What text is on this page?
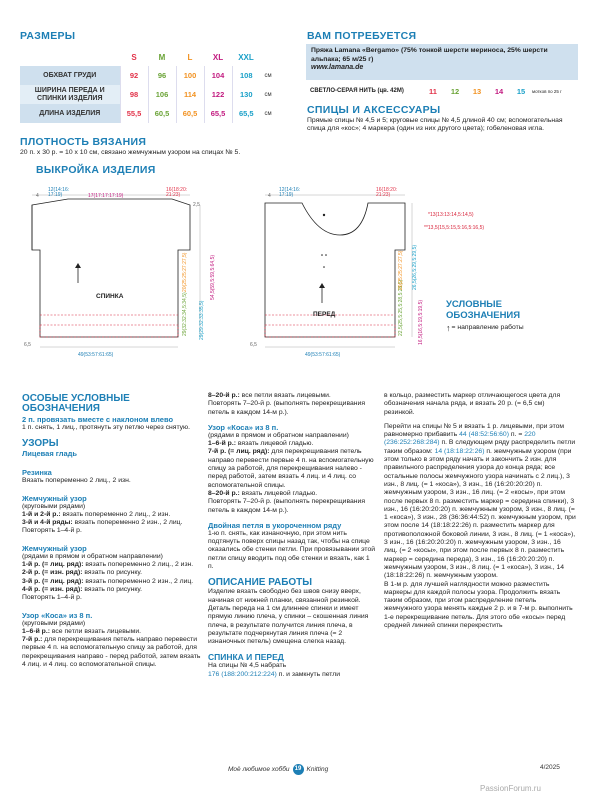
РАЗМЕРЫ
	S	M	L	XL	XXL	
ОБХВАТ ГРУДИ	92	96	100	104	108	см
ШИРИНА ПЕРЕДА И СПИНКИ ИЗДЕЛИЯ	98	106	114	122	130	см
ДЛИНА ИЗДЕЛИЯ	55,5	60,5	60,5	65,5	65,5	см
ВАМ ПОТРЕБУЕТСЯ
Пряжа Lamana «Bergamo» (75% тонкой шерсти мериноса, 25% шерсти альпака; 65 м/25 г)
www.lamana.de
СВЕТЛО-СЕРАЯ НИТЬ (цв. 42М)	11	12	13	14	15	мотков по 25 г
СПИЦЫ И АКСЕССУАРЫ
Прямые спицы № 4,5 и 5; круговые спицы № 4,5 длиной 40 см; вспомогательная спица для «кос»; 4 маркера (один из них другого цвета); гобеленовая игла.
ПЛОТНОСТЬ ВЯЗАНИЯ
20 п. x 30 р. = 10 x 10 см, связано жемчужным узором на спицах № 5.
ВЫКРОЙКА ИЗДЕЛИЯ
12(14:16: 17:19)	17(17:17:17:19)
16(18:20: 21:23)
4
2,5
6,5
49(53:57:61:65)
12(14:16: 17:19)
16(18:20: 21:23)
4
6,5
49(53:57:61:65)
СПИНКА
ПЕРЕД
29(32:32:34,5:34,5)
20(25:25:27:27,5)
29(29:32:33:35,5)
54,5(59,5:59,5:64,5)
22,5(25,5:25,5:28,5:28,5)
20(25:25:27:27,5) 26,5(26,5:29,5:29,5)
16,5(16,5:19,5:19,5)
*13(13:13:14,5:14,5)
**13,5(15,5:15,5:16,5:16,5)
УСЛОВНЫЕ ОБОЗНАЧЕНИЯ
↑ = направление работы
ОСОБЫЕ УСЛОВНЫЕ ОБОЗНАЧЕНИЯ
2 п. провязать вместе с наклоном влево
1 п. снять, 1 лиц., протянуть эту петлю через снятую.
УЗОРЫ
Лицевая гладь
Резинка
Вязать попеременно 2 лиц., 2 изн.
Жемчужный узор
(круговыми рядами)
1-й и 2-й р.: вязать попеременно 2 лиц., 2 изн.
3-й и 4-й ряды: вязать попеременно 2 изн., 2 лиц.
Повторять 1–4-й р.
Жемчужный узор
(рядами в прямом и обратном направлении)
1-й р. (= лиц. ряд): вязать попеременно 2 лиц., 2 изн.
2-й р. (= изн. ряд): вязать по рисунку.
3-й р. (= лиц. ряд): вязать попеременно 2 изн., 2 лиц.
4-й р. (= изн. ряд): вязать по рисунку.
Повторять 1–4-й р.
Узор «Коса» из 8 п.
(круговыми рядами)
1–6-й р.: все петли вязать лицевыми.
7-й р.: для перекрещивания петель направо перевести первые 4 п. на вспомогательную спицу за работой, для перекрещивания направо - перед работой, затем вязать 4 лиц. и 4 лиц. со вспомогательной спицы.
8–20-й р.: все петли вязать лицевыми.
Повторять 7–20-й р. (выполнять перекрещивания петель в каждом 14-м р.).
Узор «Коса» из 8 п.
(рядами в прямом и обратном направлении)
1–6-й р.: вязать лицевой гладью.
7-й р. (= лиц. ряд): для перекрещивания петель направо перевести первые 4 п. на вспомогательную спицу за работой, для перекрещивания налево - перед работой, затем вязать 4 лиц. и 4 лиц. со вспомогательной спицы.
8–20-й р.: вязать лицевой гладью.
Повторять 7–20-й р. (выполнять перекрещивания петель в каждом 14-м р.).
Двойная петля в укороченном ряду
1-ю п. снять, как изнаночную, при этом нить подтянуть поверх спицы назад так, чтобы на спице оказались обе стенки петли. При провязывании этой петли спицу вводить под обе стенки и вязать, как 1 п.
ОПИСАНИЕ РАБОТЫ
Изделие вязать свободно без швов снизу вверх, начиная от нижней планки, связанной резинкой.
Деталь переда на 1 см длиннее спинки и имеет прямую линию плеча, у спинки – скошенная линия плеча, в результате получится линия плеча, в результате подчеркнутая линия плеча (= 2 изнаночных петель) смещена слегка назад.
СПИНКА И ПЕРЕД
На спицы № 4,5 набрать
176 (188:200:212:224) п. и замкнуть петли
в кольцо, разместить маркер отличающегося цвета для обозначения начала ряда, и вязать 20 р. (= 6,5 см) резинкой.
Перейти на спицы № 5 и вязать 1 р. лицевыми, при этом равномерно прибавить 44 (48:52:56:60) п. = 220 (236:252:268:284) п. В следующем ряду распределить петли таким образом: 14 (18:18:22:26) п. жемчужным узором (при этом только в этом ряду начать и закончить 2 изн. для правильного распределения узора до конца ряда; все остальные полосы жемчужного узора начинать с 2 лиц.), 3 изн., 8 лиц. (= 1 «коса»), 3 изн., 16 (16:20:20:20) п. жемчужным узором, 3 изн., 16 лиц. (= 2 «косы», при этом после первых 8 п. разместить маркер = середина спинки), 3 изн., 16 (16:20:20:20) п. жемчужным узором, 3 изн., 8 лиц. (= 1 «коса»), 3 изн., 28 (36:36:44:52) п. жемчужным узором, при этом после 14 (18:18:22:26) п. разместить маркер для противоположной боковой линии, 3 изн., 8 лиц. (= 1 «коса»), 3 изн., 16 (16:20:20:20) п. жемчужным узором, 3 изн., 16 лиц. (= 2 «косы», при этом после первых 8 п. разместить маркер = середина переда), 3 изн., 16 (16:20:20:20) п. жемчужным узором, 3 изн., 8 лиц. (= 1 «коса»), 3 изн., 14 (18:18:22:26) п. жемчужным узором.
В 1-м р. для лучшей наглядности можно разместить маркеры для каждой полосы узора. Продолжить вязать таким образом, при этом распределение петель жемчужного узора менять каждые 2 р. и в 7-м р. выполнить 1-е перекрещивание петель. Для этого обе «косы» перед средней линией спинки перекрестить
Моё любимое хобби 19 Knitting	4/2025
PassionForum.ru
